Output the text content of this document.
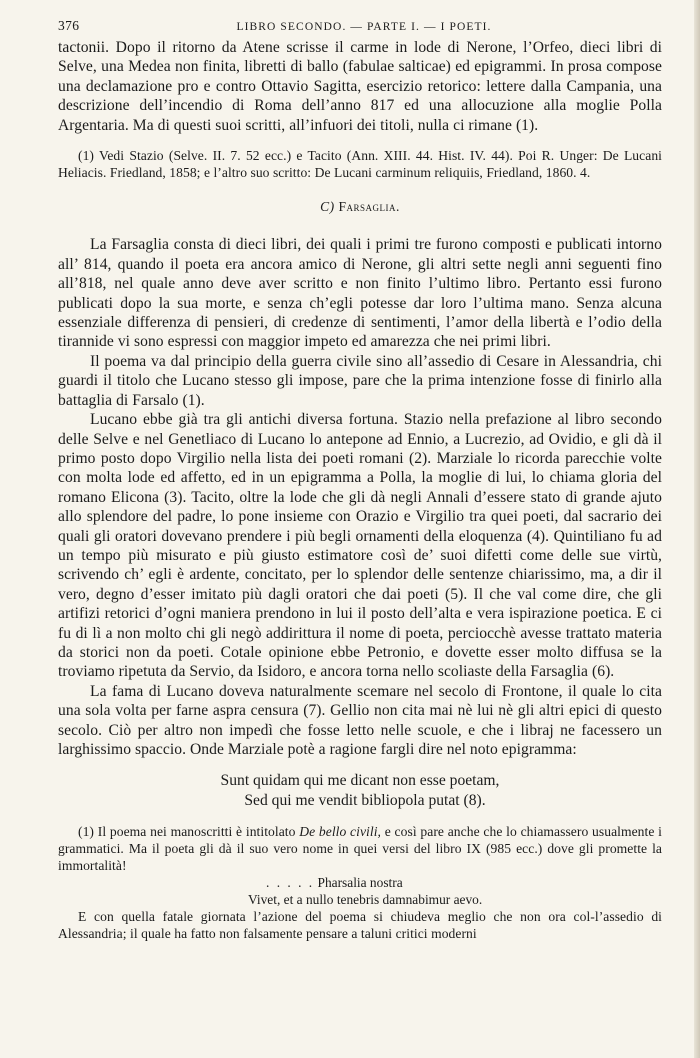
376	LIBRO SECONDO. — PARTE I. — I POETI.

tactonii. Dopo il ritorno da Atene scrisse il carme in lode di Nerone, l’Orfeo, dieci libri di Selve, una Medea non finita, libretti di ballo (fabulae salticae) ed epigrammi. In prosa compose una declamazione pro e contro Ottavio Sagitta, esercizio retorico: lettere dalla Campania, una descrizione dell’incendio di Roma dell’anno 817 ed una allocuzione alla moglie Polla Argentaria. Ma di questi suoi scritti, all’infuori dei titoli, nulla ci rimane (1).

(1) Vedi Stazio (Selve. II. 7. 52 ecc.) e Tacito (Ann. XIII. 44. Hist. IV. 44). Poi R. Unger: De Lucani Heliacis. Friedland, 1858; e l’altro suo scritto: De Lucani carminum reliquiis, Friedland, 1860. 4.

C) Farsaglia.

La Farsaglia consta di dieci libri, dei quali i primi tre furono composti e publicati intorno all’ 814, quando il poeta era ancora amico di Nerone, gli altri sette negli anni seguenti fino all’818, nel quale anno deve aver scritto e non finito l’ultimo libro. Pertanto essi furono publicati dopo la sua morte, e senza ch’egli potesse dar loro l’ultima mano. Senza alcuna essenziale differenza di pensieri, di credenze di sentimenti, l’amor della libertà e l’odio della tirannide vi sono espressi con maggior impeto ed amarezza che nei primi libri.

Il poema va dal principio della guerra civile sino all’assedio di Cesare in Alessandria, chi guardi il titolo che Lucano stesso gli impose, pare che la prima intenzione fosse di finirlo alla battaglia di Farsalo (1).

Lucano ebbe già tra gli antichi diversa fortuna. Stazio nella prefazione al libro secondo delle Selve e nel Genetliaco di Lucano lo antepone ad Ennio, a Lucrezio, ad Ovidio, e gli dà il primo posto dopo Virgilio nella lista dei poeti romani (2). Marziale lo ricorda parecchie volte con molta lode ed affetto, ed in un epigramma a Polla, la moglie di lui, lo chiama gloria del romano Elicona (3). Tacito, oltre la lode che gli dà negli Annali d’essere stato di grande ajuto allo splendore del padre, lo pone insieme con Orazio e Virgilio tra quei poeti, dal sacrario dei quali gli oratori dovevano prendere i più begli ornamenti della eloquenza (4). Quintiliano fu ad un tempo più misurato e più giusto estimatore così de’ suoi difetti come delle sue virtù, scrivendo ch’ egli è ardente, concitato, per lo splendor delle sentenze chiarissimo, ma, a dir il vero, degno d’esser imitato più dagli oratori che dai poeti (5). Il che val come dire, che gli artifizi retorici d’ogni maniera prendono in lui il posto dell’alta e vera ispirazione poetica. E ci fu di lì a non molto chi gli negò addirittura il nome di poeta, perciocchè avesse trattato materia da storici non da poeti. Cotale opinione ebbe Petronio, e dovette esser molto diffusa se la troviamo ripetuta da Servio, da Isidoro, e ancora torna nello scoliaste della Farsaglia (6).

La fama di Lucano doveva naturalmente scemare nel secolo di Frontone, il quale lo cita una sola volta per farne aspra censura (7). Gellio non cita mai nè lui nè gli altri epici di questo secolo. Ciò per altro non impedì che fosse letto nelle scuole, e che i libraj ne facessero un larghissimo spaccio. Onde Marziale potè a ragione fargli dire nel noto epigramma:

Sunt quidam qui me dicant non esse poetam,
Sed qui me vendit bibliopola putat (8).

(1) Il poema nei manoscritti è intitolato De bello civili, e così pare anche che lo chiamassero usualmente i grammatici. Ma il poeta gli dà il suo vero nome in quei versi del libro IX (985 ecc.) dove gli promette la immortalità!

. . . . . Pharsalia nostra
Vivet, et a nullo tenebris damnabimur aevo.

E con quella fatale giornata l’azione del poema si chiudeva meglio che non ora col-l’assedio di Alessandria; il quale ha fatto non falsamente pensare a taluni critici moderni
